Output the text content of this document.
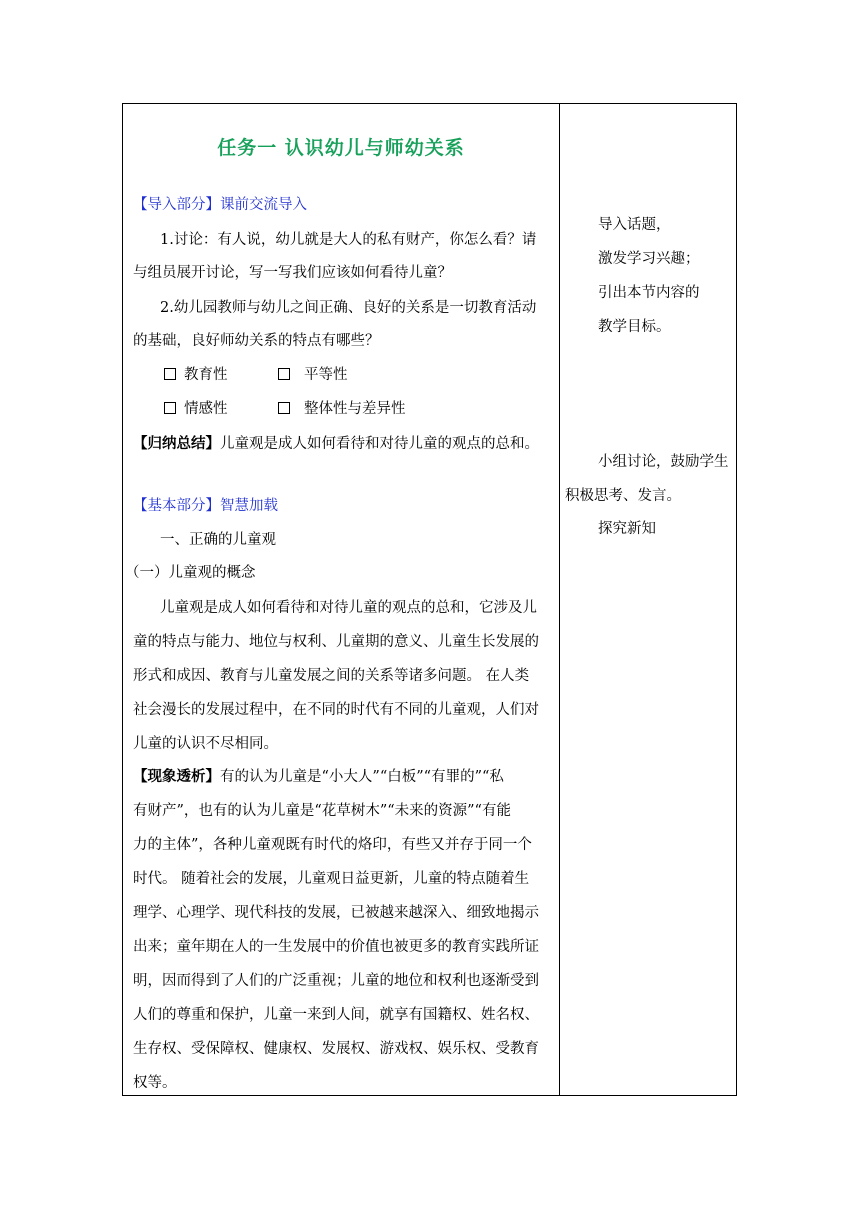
任务一 认识幼儿与师幼关系
【导入部分】课前交流导入
1.讨论：有人说，幼儿就是大人的私有财产，你怎么看？请
与组员展开讨论，写一写我们应该如何看待儿童？
2.幼儿园教师与幼儿之间正确、良好的关系是一切教育活动
的基础，良好师幼关系的特点有哪些？
教育性	平等性
情感性	整体性与差异性
【归纳总结】儿童观是成人如何看待和对待儿童的观点的总和。
【基本部分】智慧加载
一、正确的儿童观
（一）儿童观的概念
儿童观是成人如何看待和对待儿童的观点的总和，它涉及儿
童的特点与能力、地位与权利、儿童期的意义、儿童生长发展的
形式和成因、教育与儿童发展之间的关系等诸多问题。 在人类
社会漫长的发展过程中，在不同的时代有不同的儿童观，人们对
儿童的认识不尽相同。
【现象透析】有的认为儿童是“小大人”“白板”“有罪的”“私
有财产”，也有的认为儿童是“花草树木”“未来的资源”“有能
力的主体”，各种儿童观既有时代的烙印，有些又并存于同一个
时代。 随着社会的发展，儿童观日益更新，儿童的特点随着生
理学、心理学、现代科技的发展，已被越来越深入、细致地揭示
出来；童年期在人的一生发展中的价值也被更多的教育实践所证
明，因而得到了人们的广泛重视；儿童的地位和权利也逐渐受到
人们的尊重和保护，儿童一来到人间，就享有国籍权、姓名权、
生存权、受保障权、健康权、发展权、游戏权、娱乐权、受教育
权等。
导入话题，
激发学习兴趣；
引出本节内容的
教学目标。
小组讨论，鼓励学生
积极思考、发言。
探究新知
